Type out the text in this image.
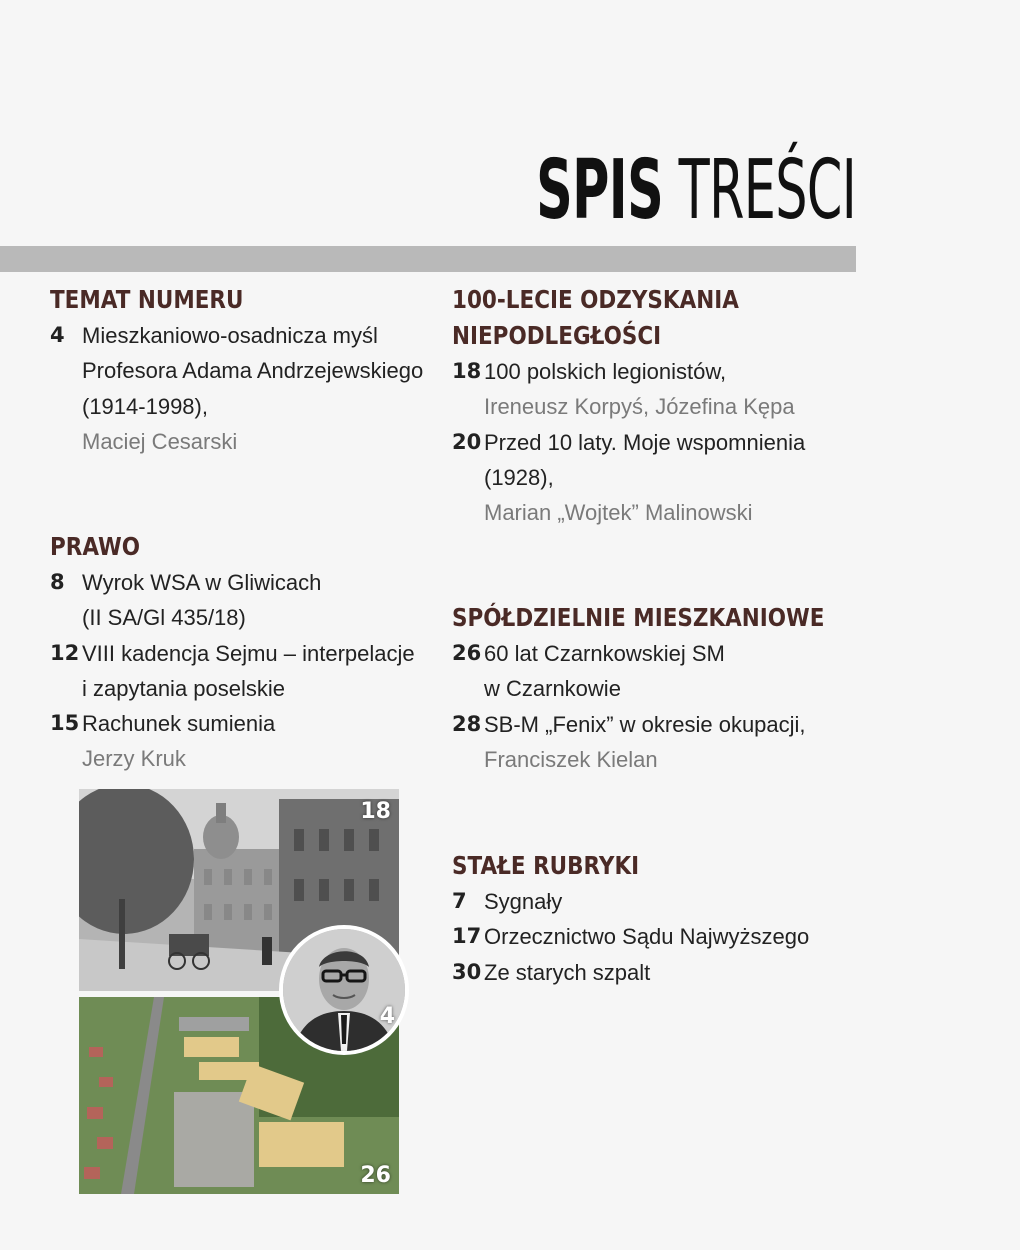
SPIS TREŚCI
TEMAT NUMERU
4 Mieszkaniowo-osadnicza myśl
Profesora Adama Andrzejewskiego
(1914-1998),
Maciej Cesarski
PRAWO
8 Wyrok WSA w Gliwicach
(II SA/Gl 435/18)
12 VIII kadencja Sejmu – interpelacje
i zapytania poselskie
15 Rachunek sumienia
Jerzy Kruk
100-LECIE ODZYSKANIA
NIEPODLEGŁOŚCI
18 100 polskich legionistów,
Ireneusz Korpyś, Józefina Kępa
20 Przed 10 laty. Moje wspomnienia
(1928),
Marian „Wojtek” Malinowski
SPÓŁDZIELNIE MIESZKANIOWE
26 60 lat Czarnkowskiej SM
w Czarnkowie
28 SB-M „Fenix” w okresie okupacji,
Franciszek Kielan
STAŁE RUBRYKI
7 Sygnały
17 Orzecznictwo Sądu Najwyższego
30 Ze starych szpalt
18
26
4
